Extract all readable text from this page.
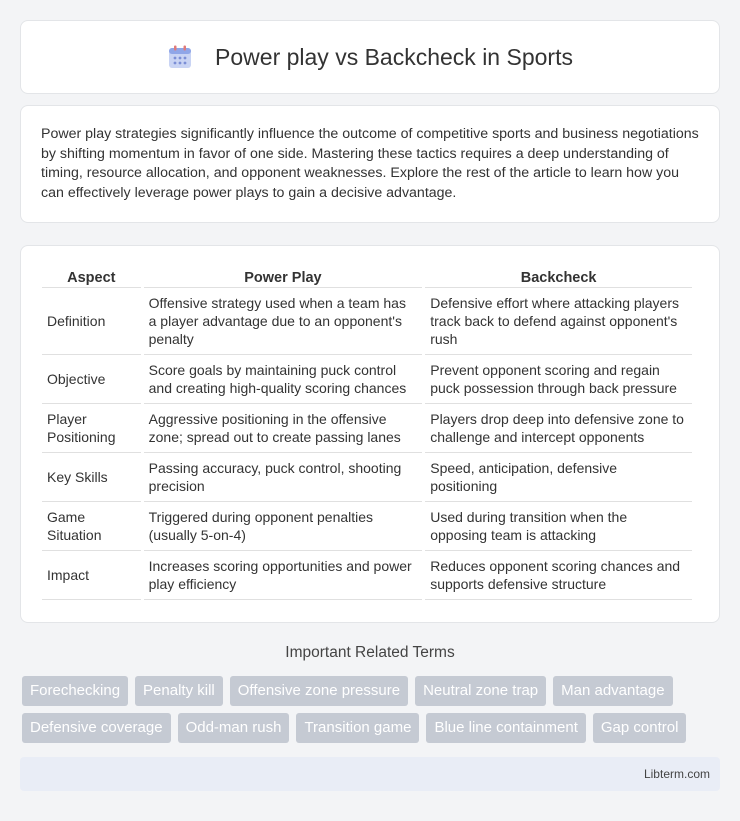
Power play vs Backcheck in Sports

Power play strategies significantly influence the outcome of competitive sports and business negotiations by shifting momentum in favor of one side. Mastering these tactics requires a deep understanding of timing, resource allocation, and opponent weaknesses. Explore the rest of the article to learn how you can effectively leverage power plays to gain a decisive advantage.

Aspect	Power Play	Backcheck
Definition	Offensive strategy used when a team has a player advantage due to an opponent's penalty	Defensive effort where attacking players track back to defend against opponent's rush
Objective	Score goals by maintaining puck control and creating high-quality scoring chances	Prevent opponent scoring and regain puck possession through back pressure
Player Positioning	Aggressive positioning in the offensive zone; spread out to create passing lanes	Players drop deep into defensive zone to challenge and intercept opponents
Key Skills	Passing accuracy, puck control, shooting precision	Speed, anticipation, defensive positioning
Game Situation	Triggered during opponent penalties (usually 5-on-4)	Used during transition when the opposing team is attacking
Impact	Increases scoring opportunities and power play efficiency	Reduces opponent scoring chances and supports defensive structure
Important Related Terms
Forechecking	Penalty kill	Offensive zone pressure	Neutral zone trap	Man advantage
Defensive coverage	Odd-man rush	Transition game	Blue line containment	Gap control
Libterm.com
